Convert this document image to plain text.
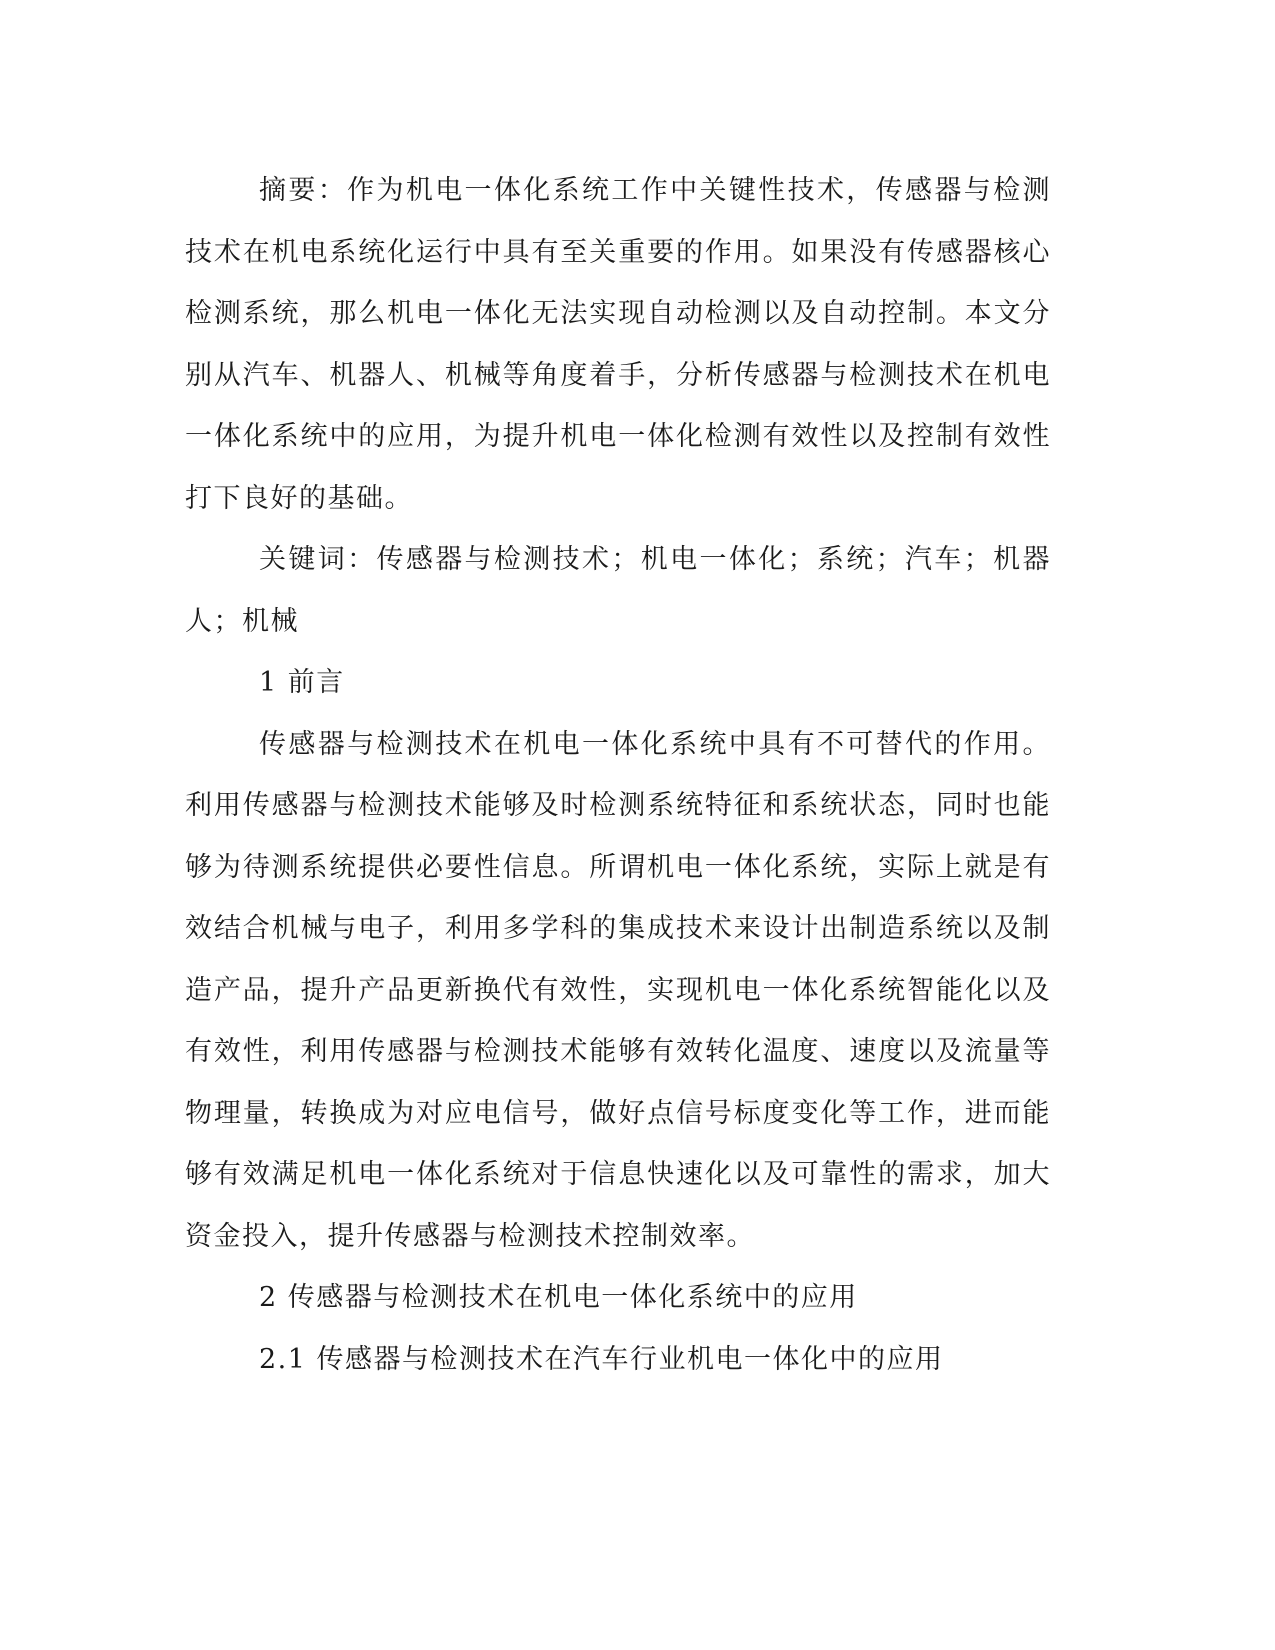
摘要：作为机电一体化系统工作中关键性技术，传感器与检测技术在机电系统化运行中具有至关重要的作用。如果没有传感器核心检测系统，那么机电一体化无法实现自动检测以及自动控制。本文分别从汽车、机器人、机械等角度着手，分析传感器与检测技术在机电一体化系统中的应用，为提升机电一体化检测有效性以及控制有效性打下良好的基础。

关键词：传感器与检测技术；机电一体化；系统；汽车；机器人；机械

1 前言

传感器与检测技术在机电一体化系统中具有不可替代的作用。利用传感器与检测技术能够及时检测系统特征和系统状态，同时也能够为待测系统提供必要性信息。所谓机电一体化系统，实际上就是有效结合机械与电子，利用多学科的集成技术来设计出制造系统以及制造产品，提升产品更新换代有效性，实现机电一体化系统智能化以及有效性，利用传感器与检测技术能够有效转化温度、速度以及流量等物理量，转换成为对应电信号，做好点信号标度变化等工作，进而能够有效满足机电一体化系统对于信息快速化以及可靠性的需求，加大资金投入，提升传感器与检测技术控制效率。

2 传感器与检测技术在机电一体化系统中的应用

2.1 传感器与检测技术在汽车行业机电一体化中的应用
